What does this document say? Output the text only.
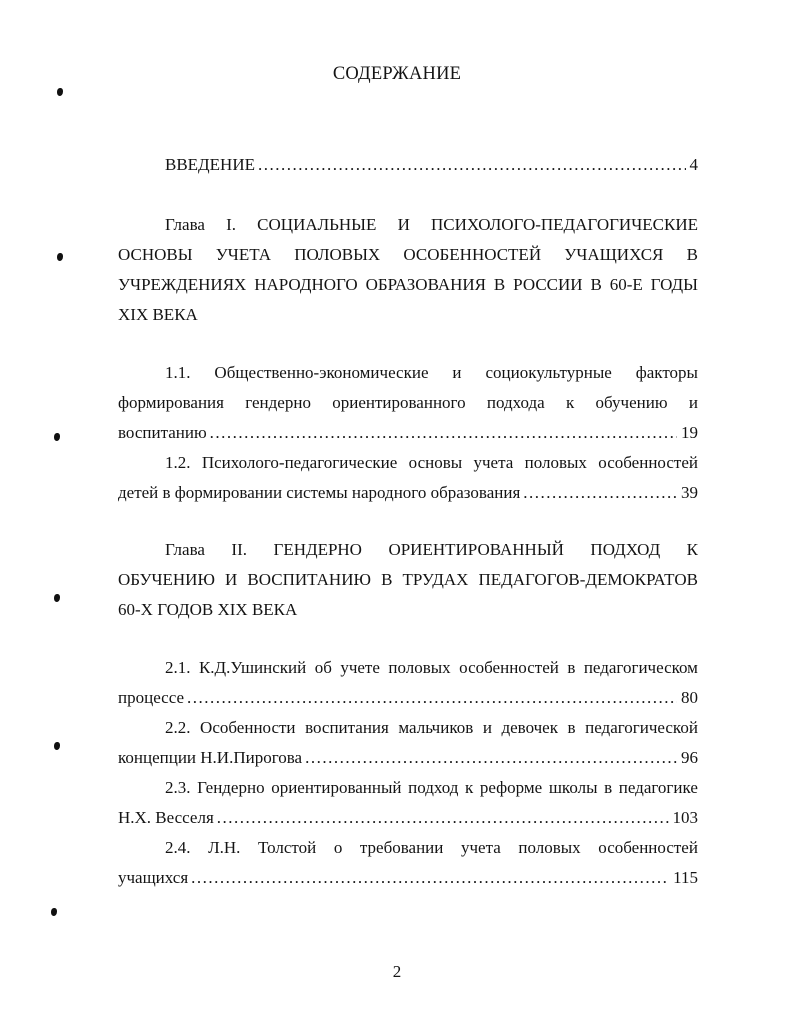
СОДЕРЖАНИЕ
ВВЕДЕНИЕ .....	4
Глава I. СОЦИАЛЬНЫЕ И ПСИХОЛОГО-ПЕДАГОГИЧЕСКИЕ
ОСНОВЫ УЧЕТА ПОЛОВЫХ ОСОБЕННОСТЕЙ УЧАЩИХСЯ В
УЧРЕЖДЕНИЯХ НАРОДНОГО ОБРАЗОВАНИЯ В РОССИИ В 60-Е ГОДЫ
XIX ВЕКА
1.1. Общественно-экономические и социокультурные факторы
формирования гендерно ориентированного подхода к обучению и
воспитанию .....	19
1.2. Психолого-педагогические основы учета половых особенностей
детей в формировании системы народного образования .....	39
Глава II. ГЕНДЕРНО ОРИЕНТИРОВАННЫЙ ПОДХОД К
ОБУЧЕНИЮ И ВОСПИТАНИЮ В ТРУДАХ ПЕДАГОГОВ-ДЕМОКРАТОВ
60-Х ГОДОВ XIX ВЕКА
2.1. К.Д.Ушинский об учете половых особенностей в педагогическом
процессе .....	80
2.2. Особенности воспитания мальчиков и девочек в педагогической
концепции Н.И.Пирогова .....	96
2.3. Гендерно ориентированный подход к реформе школы в педагогике
Н.Х. Весселя .....	103
2.4. Л.Н. Толстой о требовании учета половых особенностей
учащихся .....	115
2
